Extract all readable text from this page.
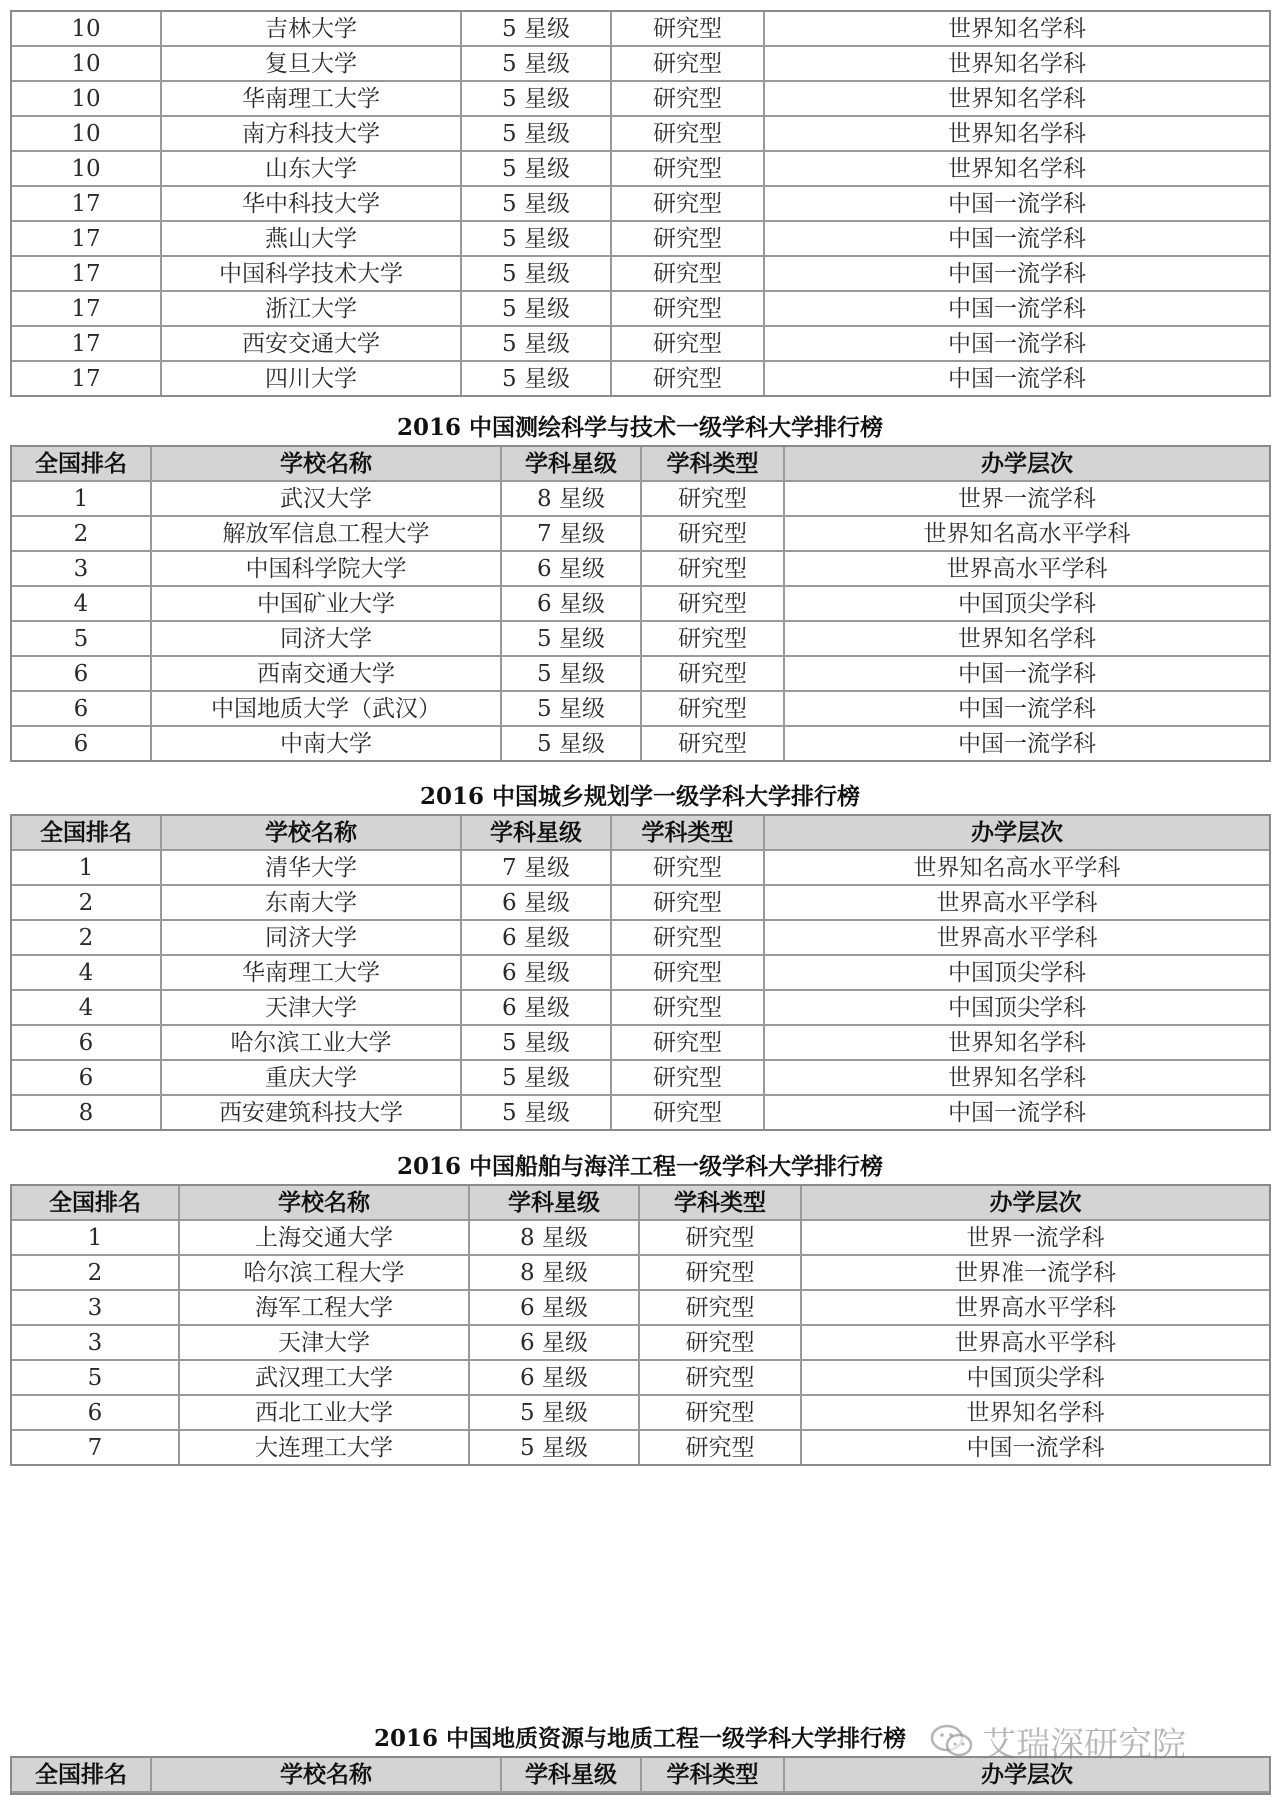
10	吉林大学	5 星级	研究型	世界知名学科
10	复旦大学	5 星级	研究型	世界知名学科
10	华南理工大学	5 星级	研究型	世界知名学科
10	南方科技大学	5 星级	研究型	世界知名学科
10	山东大学	5 星级	研究型	世界知名学科
17	华中科技大学	5 星级	研究型	中国一流学科
17	燕山大学	5 星级	研究型	中国一流学科
17	中国科学技术大学	5 星级	研究型	中国一流学科
17	浙江大学	5 星级	研究型	中国一流学科
17	西安交通大学	5 星级	研究型	中国一流学科
17	四川大学	5 星级	研究型	中国一流学科
2016 中国测绘科学与技术一级学科大学排行榜
全国排名	学校名称	学科星级	学科类型	办学层次
1	武汉大学	8 星级	研究型	世界一流学科
2	解放军信息工程大学	7 星级	研究型	世界知名高水平学科
3	中国科学院大学	6 星级	研究型	世界高水平学科
4	中国矿业大学	6 星级	研究型	中国顶尖学科
5	同济大学	5 星级	研究型	世界知名学科
6	西南交通大学	5 星级	研究型	中国一流学科
6	中国地质大学（武汉）	5 星级	研究型	中国一流学科
6	中南大学	5 星级	研究型	中国一流学科
2016 中国城乡规划学一级学科大学排行榜
全国排名	学校名称	学科星级	学科类型	办学层次
1	清华大学	7 星级	研究型	世界知名高水平学科
2	东南大学	6 星级	研究型	世界高水平学科
2	同济大学	6 星级	研究型	世界高水平学科
4	华南理工大学	6 星级	研究型	中国顶尖学科
4	天津大学	6 星级	研究型	中国顶尖学科
6	哈尔滨工业大学	5 星级	研究型	世界知名学科
6	重庆大学	5 星级	研究型	世界知名学科
8	西安建筑科技大学	5 星级	研究型	中国一流学科
2016 中国船舶与海洋工程一级学科大学排行榜
全国排名	学校名称	学科星级	学科类型	办学层次
1	上海交通大学	8 星级	研究型	世界一流学科
2	哈尔滨工程大学	8 星级	研究型	世界准一流学科
3	海军工程大学	6 星级	研究型	世界高水平学科
3	天津大学	6 星级	研究型	世界高水平学科
5	武汉理工大学	6 星级	研究型	中国顶尖学科
6	西北工业大学	5 星级	研究型	世界知名学科
7	大连理工大学	5 星级	研究型	中国一流学科
2016 中国地质资源与地质工程一级学科大学排行榜
全国排名	学校名称	学科星级	学科类型	办学层次
艾瑞深研究院
